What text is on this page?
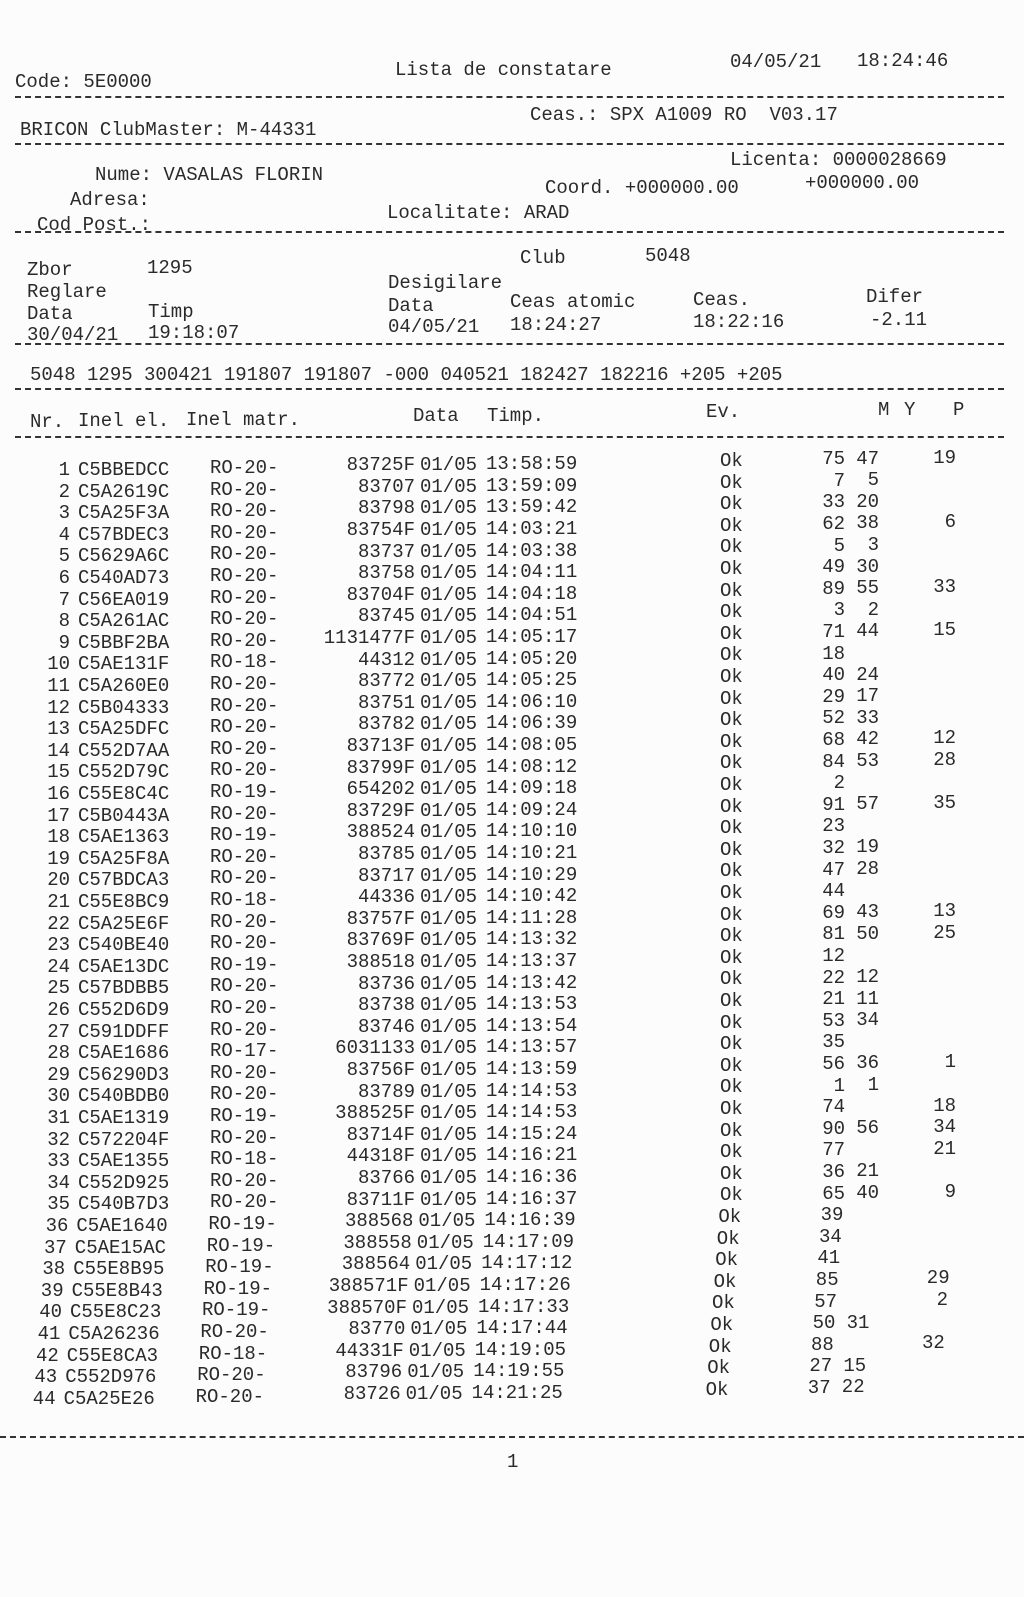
Code: 5E0000
Lista de constatare	04/05/21 18:24:46
BRICON ClubMaster: M-44331
Ceas.: SPX A1009 RO  V03.17
Licenta: 0000028669
Nume: VASALAS FLORIN
Coord. +000000.00	+000000.00
Adresa:
Localitate: ARAD
Cod Post.:
Club	5048
Zbor	1295
Desigilare
Reglare
Data	Timp	Data	Ceas atomic	Ceas.	Difer
30/04/21 19:18:07	04/05/21 18:24:27	18:22:16	-2.11
5048 1295 300421 191807 191807 -000 040521 182427 182216 +205 +205
Nr. Inel el. Inel matr.	Data Timp.	Ev.	M Y P
1 C5BBEDCC RO-20-	83725F 01/05 13:58:59	Ok	75 47	19
2 C5A2619C RO-20-	83707 01/05 13:59:09	Ok	7 5
3 C5A25F3A RO-20-	83798 01/05 13:59:42	Ok	33 20
4 C57BDEC3 RO-20-	83754F 01/05 14:03:21	Ok	62 38	6
5 C5629A6C RO-20-	83737 01/05 14:03:38	Ok	5 3
6 C540AD73 RO-20-	83758 01/05 14:04:11	Ok	49 30
7 C56EA019 RO-20-	83704F 01/05 14:04:18	Ok	89 55	33
8 C5A261AC RO-20-	83745 01/05 14:04:51	Ok	3 2
9 C5BBF2BA RO-20- 1131477F 01/05 14:05:17	Ok	71 44	15
10 C5AE131F RO-18-	44312 01/05 14:05:20	Ok	18
11 C5A260E0 RO-20-	83772 01/05 14:05:25	Ok	40 24
12 C5B04333 RO-20-	83751 01/05 14:06:10	Ok	29 17
13 C5A25DFC RO-20-	83782 01/05 14:06:39	Ok	52 33
14 C552D7AA RO-20-	83713F 01/05 14:08:05	Ok	68 42	12
15 C552D79C RO-20-	83799F 01/05 14:08:12	Ok	84 53	28
16 C55E8C4C RO-19-	654202 01/05 14:09:18	Ok	2
17 C5B0443A RO-20-	83729F 01/05 14:09:24	Ok	91 57	35
18 C5AE1363 RO-19-	388524 01/05 14:10:10	Ok	23
19 C5A25F8A RO-20-	83785 01/05 14:10:21	Ok	32 19
20 C57BDCA3 RO-20-	83717 01/05 14:10:29	Ok	47 28
21 C55E8BC9 RO-18-	44336 01/05 14:10:42	Ok	44
22 C5A25E6F RO-20-	83757F 01/05 14:11:28	Ok	69 43	13
23 C540BE40 RO-20-	83769F 01/05 14:13:32	Ok	81 50	25
24 C5AE13DC RO-19-	388518 01/05 14:13:37	Ok	12
25 C57BDBB5 RO-20-	83736 01/05 14:13:42	Ok	22 12
26 C552D6D9 RO-20-	83738 01/05 14:13:53	Ok	21 11
27 C591DDFF RO-20-	83746 01/05 14:13:54	Ok	53 34
28 C5AE1686 RO-17-	6031133 01/05 14:13:57	Ok	35
29 C56290D3 RO-20-	83756F 01/05 14:13:59	Ok	56 36	1
30 C540BDB0 RO-20-	83789 01/05 14:14:53	Ok	1 1
31 C5AE1319 RO-19-	388525F 01/05 14:14:53	Ok	74	18
32 C572204F RO-20-	83714F 01/05 14:15:24	Ok	90 56	34
33 C5AE1355 RO-18-	44318F 01/05 14:16:21	Ok	77	21
34 C552D925 RO-20-	83766 01/05 14:16:36	Ok	36 21
35 C540B7D3 RO-20-	83711F 01/05 14:16:37	Ok	65 40	9
36 C5AE1640 RO-19-	388568 01/05 14:16:39	Ok	39
37 C5AE15AC RO-19-	388558 01/05 14:17:09	Ok	34
38 C55E8B95 RO-19-	388564 01/05 14:17:12	Ok	41
39 C55E8B43 RO-19-	388571F 01/05 14:17:26	Ok	85	29
40 C55E8C23 RO-19-	388570F 01/05 14:17:33	Ok	57	2
41 C5A26236 RO-20-	83770 01/05 14:17:44	Ok	50 31
42 C55E8CA3 RO-18-	44331F 01/05 14:19:05	Ok	88	32
43 C552D976 RO-20-	83796 01/05 14:19:55	Ok	27 15
44 C5A25E26 RO-20-	83726 01/05 14:21:25	Ok	37 22
1
